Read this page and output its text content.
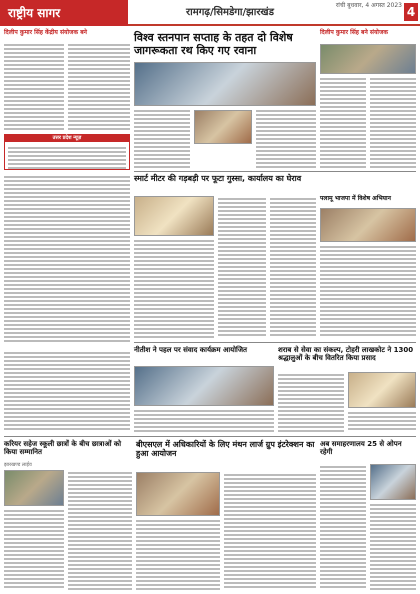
राष्ट्रीय सागर	रामगढ़/सिमडेगा/झारखंड
रांची बुधवार, 4 अगस्त 2023 4
दिलीप कुमार सिंह केंद्रीय संयोजक बने	विश्व स्तनपान सप्ताह के तहत दो विशेष जागरूकता रथ किए गए रवाना
दिलीप कुमार सिंह बने संयोजक
उत्तर प्रदेश न्यूज़
स्मार्ट मीटर की गड़बड़ी पर फूटा गुस्सा, कार्यालय का घेराव
पलामू भाजपा में विशेष अभियान
नीतीश ने पहल पर संवाद कार्यक्रम आयोजित	शराब से सेवा का संकल्प, टोहरी लाखकोट ने 1300 श्रद्धालुओं के बीच वितरित किया प्रसाद
करियर सहेज स्कूली छात्रों के बीच छात्राओं को किया सम्मानित
झारखण्ड लाईव
बीएसएल में अधिकारियों के लिए मंथन लार्ज ग्रुप इंटरेक्शन का हुआ आयोजन
अब समाहरणालय 25 से ओपन रहेगी
